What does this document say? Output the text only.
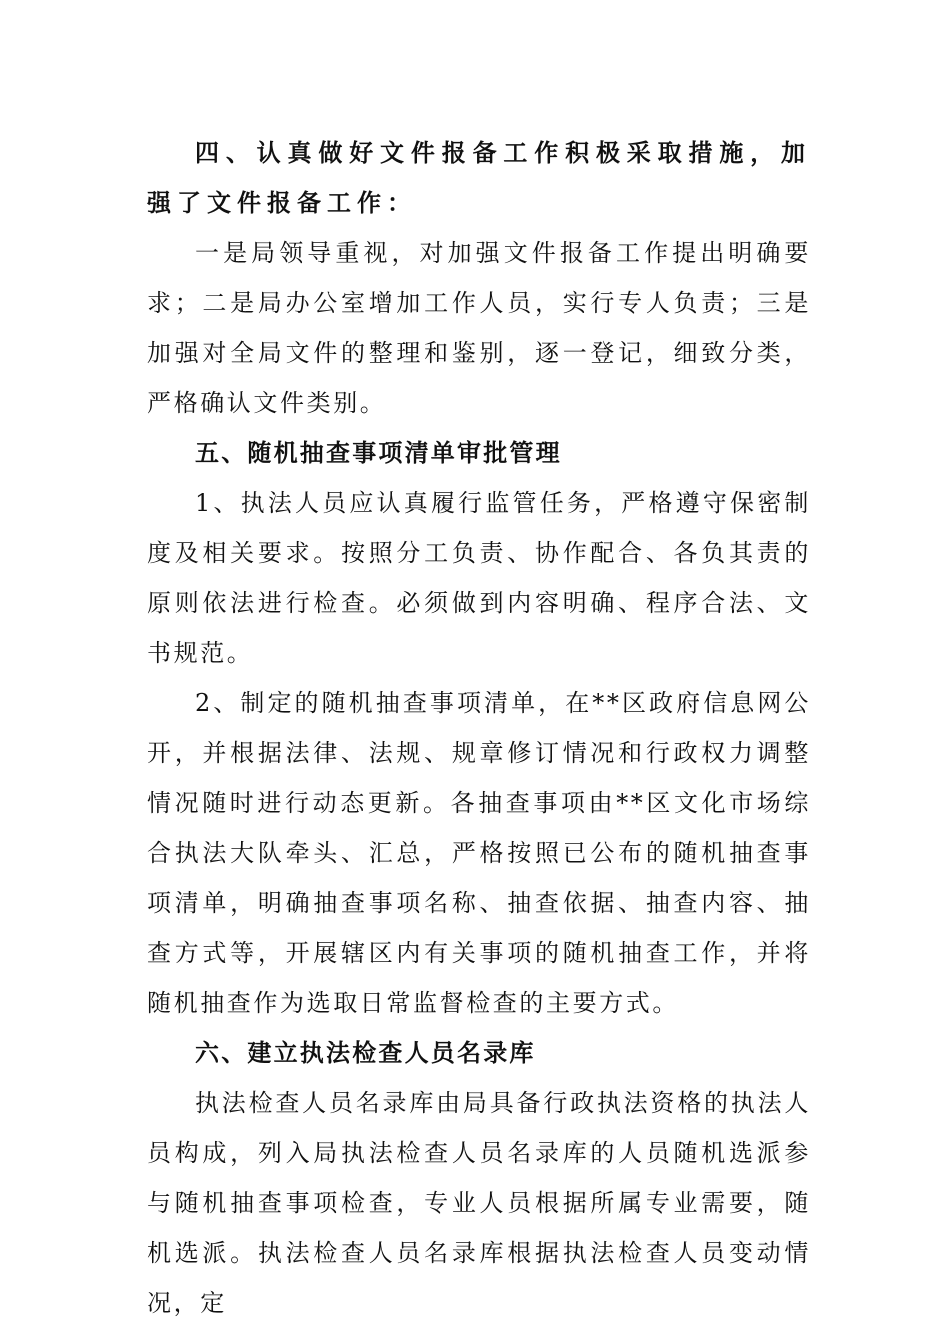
四、认真做好文件报备工作积极采取措施，加强了文件报备工作：

一是局领导重视，对加强文件报备工作提出明确要求；二是局办公室增加工作人员，实行专人负责；三是加强对全局文件的整理和鉴别，逐一登记，细致分类，严格确认文件类别。

五、随机抽查事项清单审批管理

1、执法人员应认真履行监管任务，严格遵守保密制度及相关要求。按照分工负责、协作配合、各负其责的原则依法进行检查。必须做到内容明确、程序合法、文书规范。

2、制定的随机抽查事项清单，在**区政府信息网公开，并根据法律、法规、规章修订情况和行政权力调整情况随时进行动态更新。各抽查事项由**区文化市场综合执法大队牵头、汇总，严格按照已公布的随机抽查事项清单，明确抽查事项名称、抽查依据、抽查内容、抽查方式等，开展辖区内有关事项的随机抽查工作，并将随机抽查作为选取日常监督检查的主要方式。

六、建立执法检查人员名录库

执法检查人员名录库由局具备行政执法资格的执法人员构成，列入局执法检查人员名录库的人员随机选派参与随机抽查事项检查，专业人员根据所属专业需要，随机选派。执法检查人员名录库根据执法检查人员变动情况，定
